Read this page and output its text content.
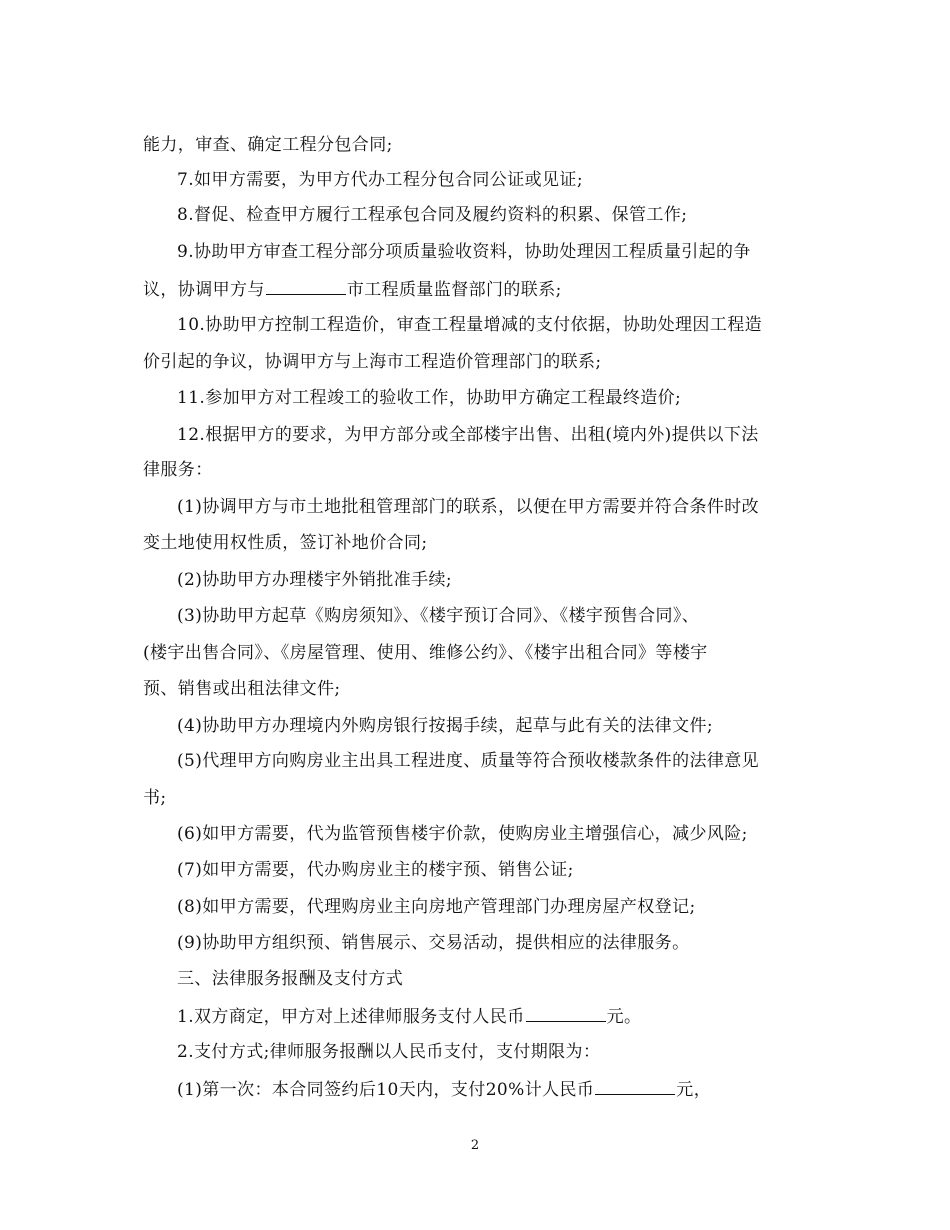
能力，审查、确定工程分包合同;
7.如甲方需要，为甲方代办工程分包合同公证或见证;
8.督促、检查甲方履行工程承包合同及履约资料的积累、保管工作;
9.协助甲方审查工程分部分项质量验收资料，协助处理因工程质量引起的争
议，协调甲方与	市工程质量监督部门的联系;
10.协助甲方控制工程造价，审查工程量增减的支付依据，协助处理因工程造
价引起的争议，协调甲方与上海市工程造价管理部门的联系;
11.参加甲方对工程竣工的验收工作，协助甲方确定工程最终造价;
12.根据甲方的要求，为甲方部分或全部楼宇出售、出租(境内外)提供以下法
律服务：
(1)协调甲方与市土地批租管理部门的联系，以便在甲方需要并符合条件时改
变土地使用权性质，签订补地价合同;
(2)协助甲方办理楼宇外销批准手续;
(3)协助甲方起草《购房须知》、《楼宇预订合同》、《楼宇预售合同》、
(楼宇出售合同》、《房屋管理、使用、维修公约》、《楼宇出租合同》等楼宇
预、销售或出租法律文件;
(4)协助甲方办理境内外购房银行按揭手续，起草与此有关的法律文件;
(5)代理甲方向购房业主出具工程进度、质量等符合预收楼款条件的法律意见
书;
(6)如甲方需要，代为监管预售楼宇价款，使购房业主增强信心，减少风险;
(7)如甲方需要，代办购房业主的楼宇预、销售公证;
(8)如甲方需要，代理购房业主向房地产管理部门办理房屋产权登记;
(9)协助甲方组织预、销售展示、交易活动，提供相应的法律服务。
三、法律服务报酬及支付方式
1.双方商定，甲方对上述律师服务支付人民币	元。
2.支付方式;律师服务报酬以人民币支付，支付期限为：
(1)第一次：本合同签约后10天内，支付20%计人民币	元，
2
